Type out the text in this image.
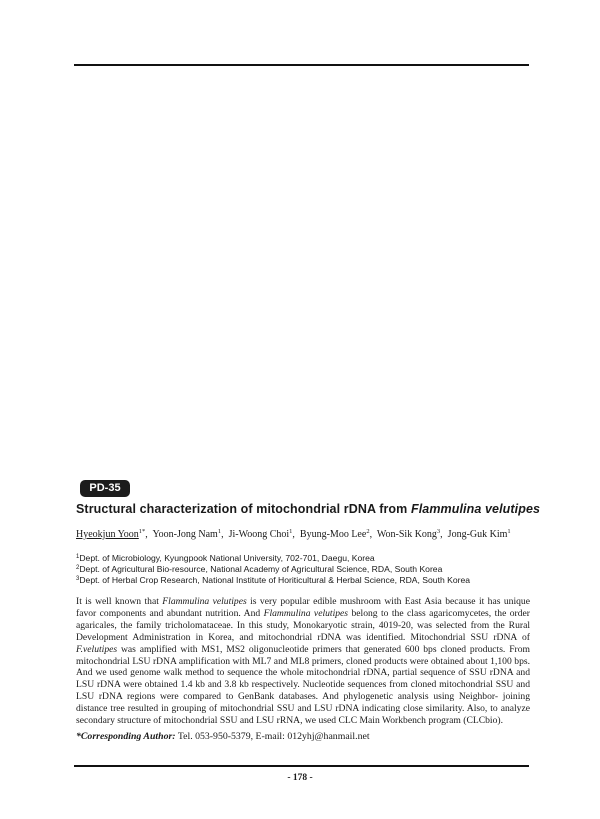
PD-35
Structural characterization of mitochondrial rDNA from Flammulina velutipes
Hyeokjun Yoon$^{1*}$,  Yoon-Jong Nam$^1$,  Ji-Woong Choi$^1$,  Byung-Moo Lee$^2$,  Won-Sik Kong$^3$,  Jong-Guk Kim$^1$
$^1$Dept. of Microbiology, Kyungpook National University, 702-701, Daegu, Korea
$^2$Dept. of Agricultural Bio-resource, National Academy of Agricultural Science, RDA, South Korea
$^3$Dept. of Herbal Crop Research, National Institute of Horiticultural & Herbal Science, RDA, South Korea

It is well known that Flammulina velutipes is very popular edible mushroom with East Asia because it has unique favor components and abundant nutrition. And Flammulina velutipes belong to the class agaricomycetes, the order agaricales, the family tricholomataceae. In this study, Monokaryotic strain, 4019-20, was selected from the Rural Development Administration in Korea, and mitochondrial rDNA was identified. Mitochondrial SSU rDNA of F.velutipes was amplified with MS1, MS2 oligonucleotide primers that generated 600 bps cloned products. From mitochondrial LSU rDNA amplification with ML7 and ML8 primers, cloned products were obtained about 1,100 bps. And we used genome walk method to sequence the whole mitochondrial rDNA, partial sequence of SSU rDNA and LSU rDNA were obtained 1.4 kb and 3.8 kb respectively. Nucleotide sequences from cloned mitochondrial SSU and LSU rDNA regions were compared to GenBank databases. And phylogenetic analysis using Neighbor- joining distance tree resulted in grouping of mitochondrial SSU and LSU rDNA indicating close similarity. Also, to analyze secondary structure of mitochondrial SSU and LSU rRNA, we used CLC Main Workbench program (CLCbio).

*Corresponding Author: Tel. 053-950-5379, E-mail: 012yhj@hanmail.net
- 178 -
